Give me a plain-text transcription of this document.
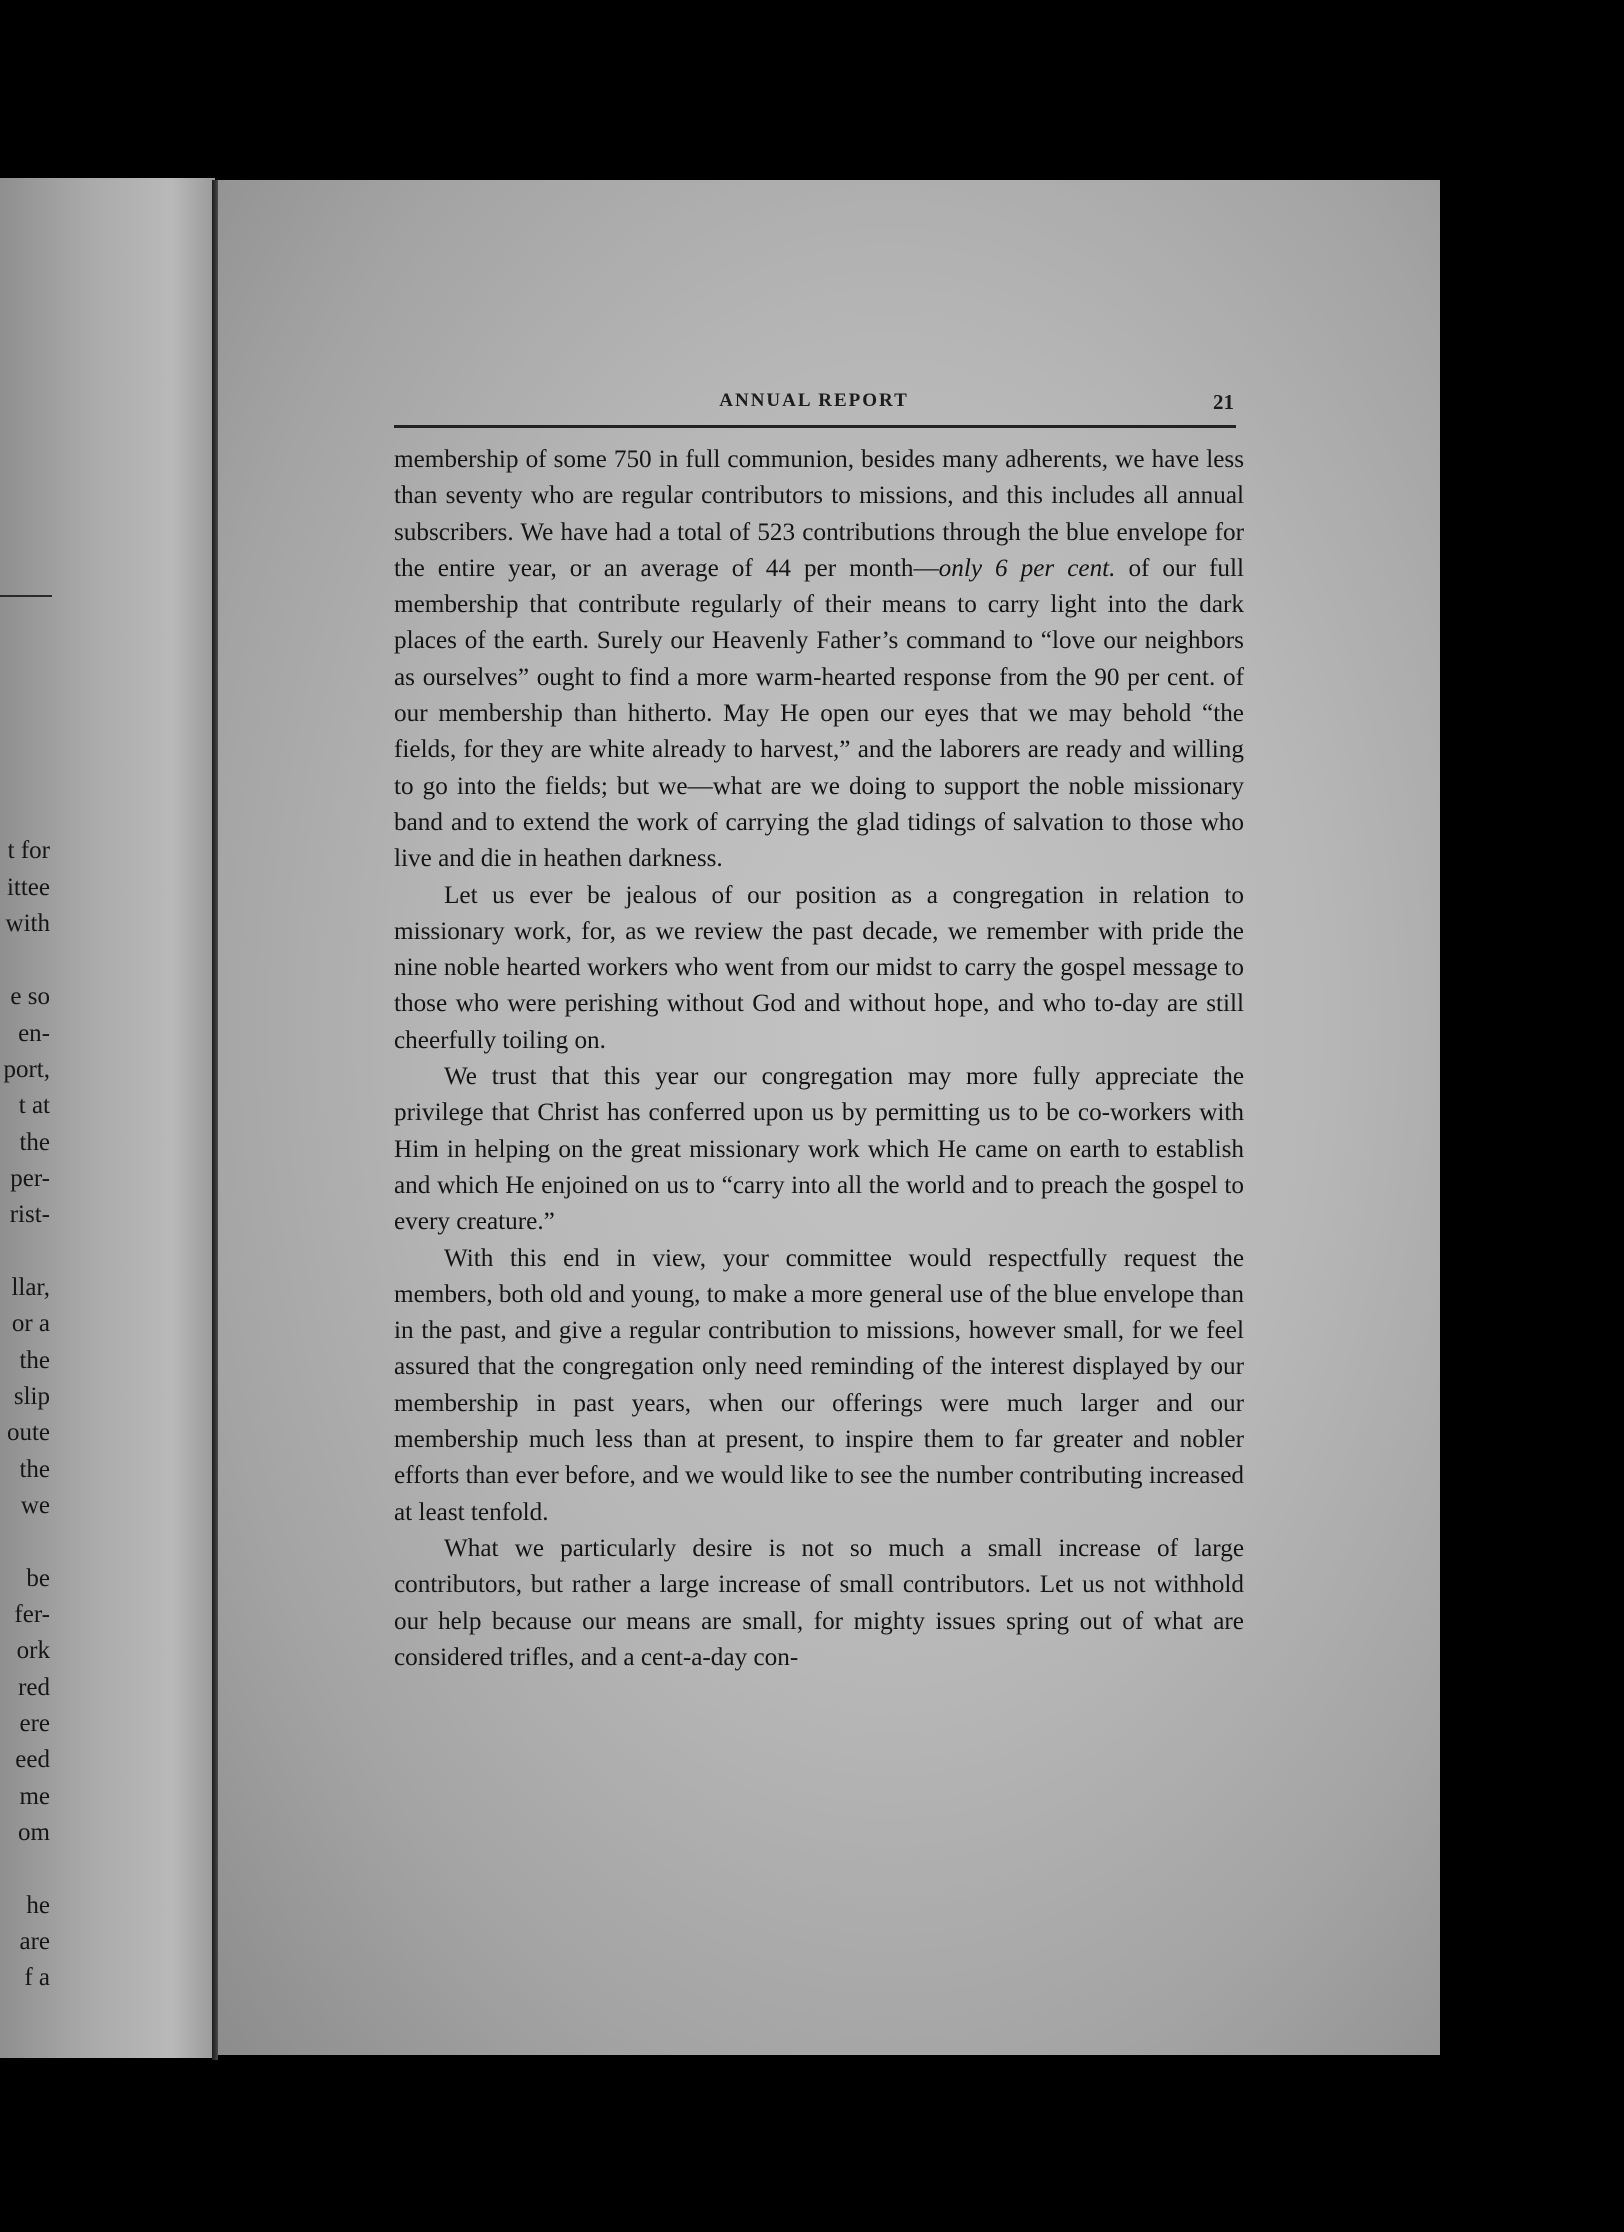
t for
ittee
with
e so
en-
port,
t at
the
per-
rist-
llar,
or a
the
slip
oute
the
we
be
fer-
ork
red
ere
eed
me
om
he
are
f a
ANNUAL REPORT	21

membership of some 750 in full communion, besides many adherents, we have less than seventy who are regular contributors to missions, and this includes all annual subscribers. We have had a total of 523 contributions through the blue envelope for the entire year, or an average of 44 per month—only 6 per cent. of our full membership that contribute regularly of their means to carry light into the dark places of the earth. Surely our Heavenly Father’s command to “love our neighbors as ourselves” ought to find a more warm-hearted response from the 90 per cent. of our membership than hitherto. May He open our eyes that we may behold “the fields, for they are white already to harvest,” and the laborers are ready and willing to go into the fields; but we—what are we doing to support the noble missionary band and to extend the work of carrying the glad tidings of salvation to those who live and die in heathen darkness.

Let us ever be jealous of our position as a congregation in relation to missionary work, for, as we review the past decade, we remember with pride the nine noble hearted workers who went from our midst to carry the gospel message to those who were perishing without God and without hope, and who to-day are still cheerfully toiling on.

We trust that this year our congregation may more fully appreciate the privilege that Christ has conferred upon us by permitting us to be co-workers with Him in helping on the great missionary work which He came on earth to establish and which He enjoined on us to “carry into all the world and to preach the gospel to every creature.”

With this end in view, your committee would respectfully request the members, both old and young, to make a more general use of the blue envelope than in the past, and give a regular contribution to missions, however small, for we feel assured that the congregation only need reminding of the interest displayed by our membership in past years, when our offerings were much larger and our membership much less than at present, to inspire them to far greater and nobler efforts than ever before, and we would like to see the number contributing increased at least tenfold.

What we particularly desire is not so much a small increase of large contributors, but rather a large increase of small contributors. Let us not withhold our help because our means are small, for mighty issues spring out of what are considered trifles, and a cent-a-day con-
